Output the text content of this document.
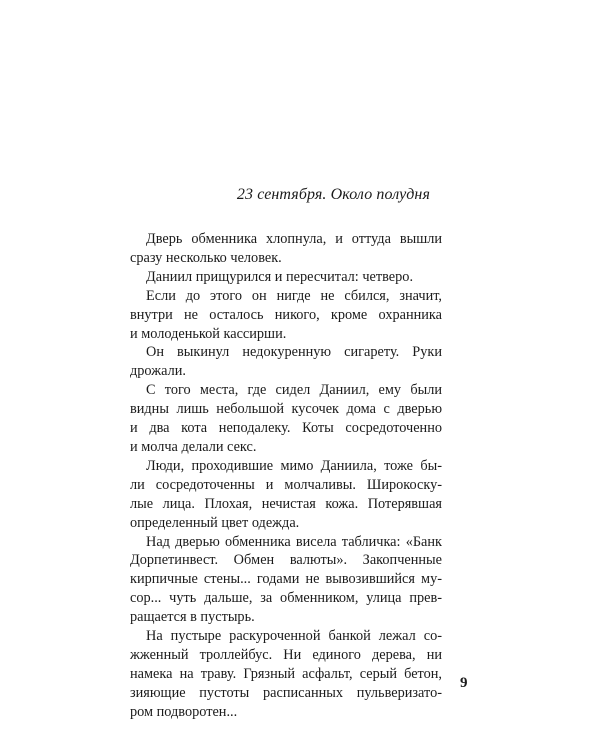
23 сентября. Около полудня
Дверь обменника хлопнула, и оттуда вышли
сразу несколько человек.
Даниил прищурился и пересчитал: четверо.
Если до этого он нигде не сбился, значит,
внутри не осталось никого, кроме охранника
и молоденькой кассирши.
Он выкинул недокуренную сигарету. Руки
дрожали.
С того места, где сидел Даниил, ему были
видны лишь небольшой кусочек дома с дверью
и два кота неподалеку. Коты сосредоточенно
и молча делали секс.
Люди, проходившие мимо Даниила, тоже бы-
ли сосредоточенны и молчаливы. Широкоску-
лые лица. Плохая, нечистая кожа. Потерявшая
определенный цвет одежда.
Над дверью обменника висела табличка: «Банк
Дорпетинвест. Обмен валюты». Закопченные
кирпичные стены... годами не вывозившийся му-
сор... чуть дальше, за обменником, улица прев-
ращается в пустырь.
На пустыре раскуроченной банкой лежал со-
жженный троллейбус. Ни единого дерева, ни
намека на траву. Грязный асфальт, серый бетон,
зияющие пустоты расписанных пульверизато-
ром подворотен...
9
